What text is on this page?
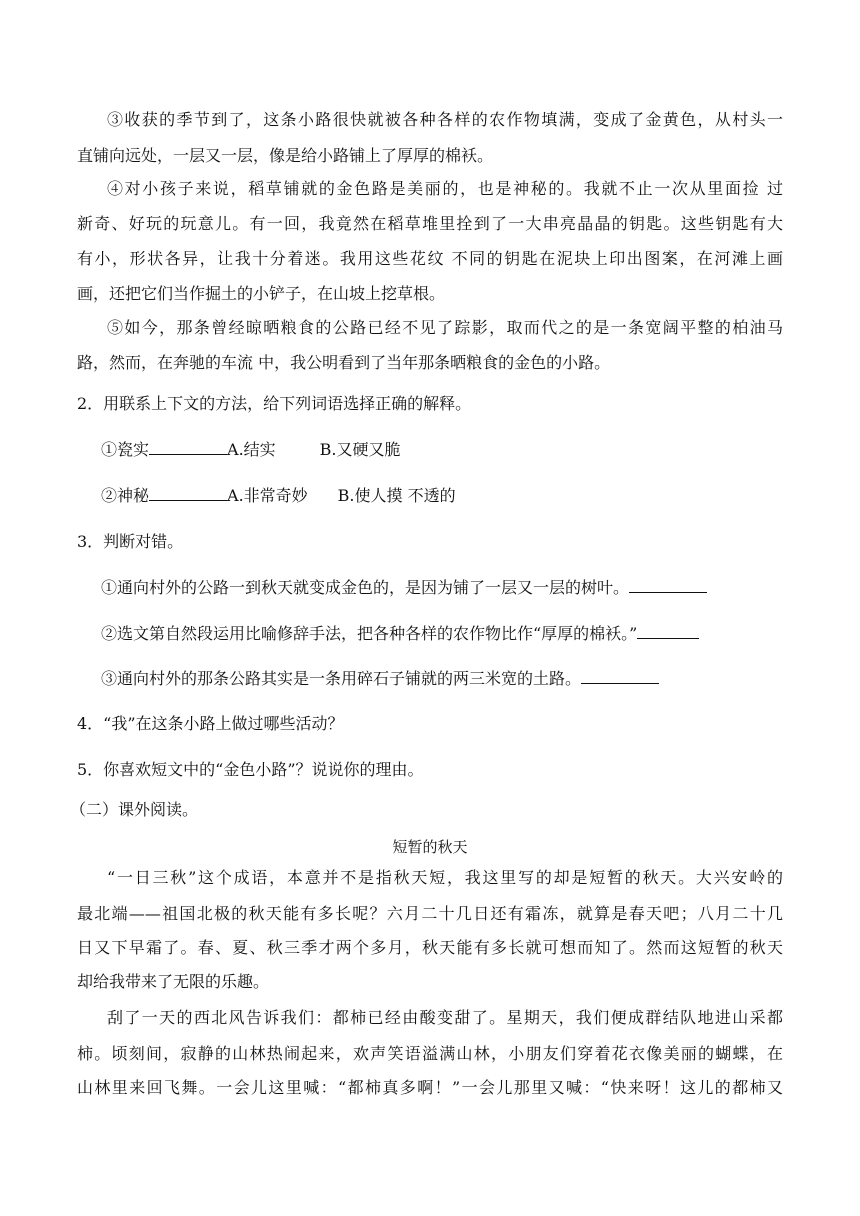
③收获的季节到了，这条小路很快就被各种各样的农作物填满，变成了金黄色，从村头一
直铺向远处，一层又一层，像是给小路铺上了厚厚的棉袄。
④对小孩子来说，稻草铺就的金色路是美丽的，也是神秘的。我就不止一次从里面捡 过
新奇、好玩的玩意儿。有一回，我竟然在稻草堆里拴到了一大串亮晶晶的钥匙。这些钥匙有大
有小，形状各异，让我十分着迷。我用这些花纹 不同的钥匙在泥块上印出图案，在河滩上画
画，还把它们当作掘土的小铲子，在山坡上挖草根。
⑤如今，那条曾经晾晒粮食的公路已经不见了踪影，取而代之的是一条宽阔平整的柏油马
路，然而，在奔驰的车流 中，我公明看到了当年那条晒粮食的金色的小路。
2．用联系上下文的方法，给下列词语选择正确的解释。
①瓷实	A.结实	B.又硬又脆
②神秘	A.非常奇妙 B.使人摸 不透的
3．判断对错。
①通向村外的公路一到秋天就变成金色的，是因为铺了一层又一层的树叶。
②选文第自然段运用比喻修辞手法，把各种各样的农作物比作“厚厚的棉袄。”
③通向村外的那条公路其实是一条用碎石子铺就的两三米宽的土路。
4．“我”在这条小路上做过哪些活动？
5．你喜欢短文中的“金色小路”？说说你的理由。
（二）课外阅读。
短暂的秋天
“一日三秋”这个成语，本意并不是指秋天短，我这里写的却是短暂的秋天。大兴安岭的
最北端——祖国北极的秋天能有多长呢？六月二十几日还有霜冻，就算是春天吧；八月二十几
日又下早霜了。春、夏、秋三季才两个多月，秋天能有多长就可想而知了。然而这短暂的秋天
却给我带来了无限的乐趣。
刮了一天的西北风告诉我们：都柿已经由酸变甜了。星期天，我们便成群结队地进山采都
柿。顷刻间，寂静的山林热闹起来，欢声笑语溢满山林，小朋友们穿着花衣像美丽的蝴蝶，在
山林里来回飞舞。一会儿这里喊：“都柿真多啊！”一会儿那里又喊：“快来呀！这儿的都柿又
